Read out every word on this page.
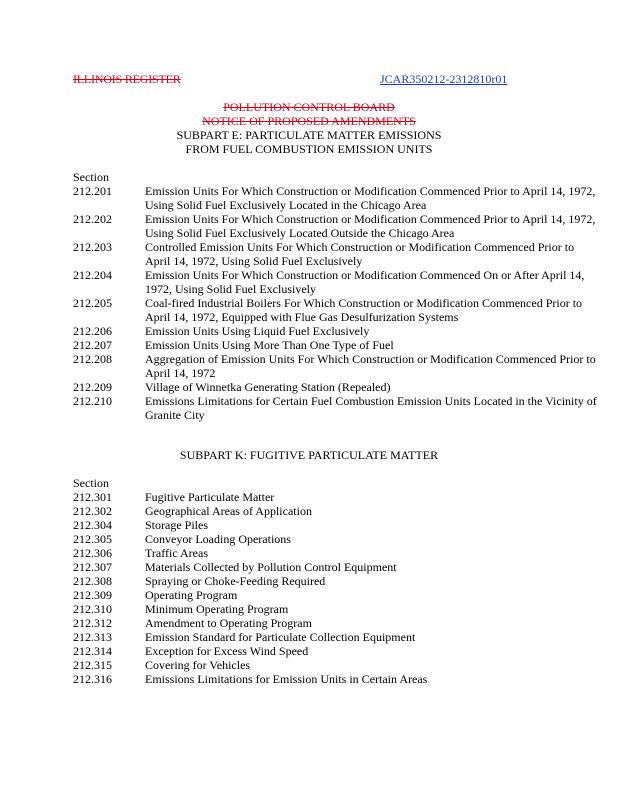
ILLINOIS REGISTER	JCAR350212-2312810r01
POLLUTION CONTROL BOARD
NOTICE OF PROPOSED AMENDMENTS
SUBPART E: PARTICULATE MATTER EMISSIONS
FROM FUEL COMBUSTION EMISSION UNITS
Section
212.201	Emission Units For Which Construction or Modification Commenced Prior to April 14, 1972, Using Solid Fuel Exclusively Located in the Chicago Area
212.202	Emission Units For Which Construction or Modification Commenced Prior to April 14, 1972, Using Solid Fuel Exclusively Located Outside the Chicago Area
212.203	Controlled Emission Units For Which Construction or Modification Commenced Prior to April 14, 1972, Using Solid Fuel Exclusively
212.204	Emission Units For Which Construction or Modification Commenced On or After April 14, 1972, Using Solid Fuel Exclusively
212.205	Coal-fired Industrial Boilers For Which Construction or Modification Commenced Prior to April 14, 1972, Equipped with Flue Gas Desulfurization Systems
212.206	Emission Units Using Liquid Fuel Exclusively
212.207	Emission Units Using More Than One Type of Fuel
212.208	Aggregation of Emission Units For Which Construction or Modification Commenced Prior to April 14, 1972
212.209	Village of Winnetka Generating Station (Repealed)
212.210	Emissions Limitations for Certain Fuel Combustion Emission Units Located in the Vicinity of Granite City
SUBPART K: FUGITIVE PARTICULATE MATTER
Section
212.301	Fugitive Particulate Matter
212.302	Geographical Areas of Application
212.304	Storage Piles
212.305	Conveyor Loading Operations
212.306	Traffic Areas
212.307	Materials Collected by Pollution Control Equipment
212.308	Spraying or Choke-Feeding Required
212.309	Operating Program
212.310	Minimum Operating Program
212.312	Amendment to Operating Program
212.313	Emission Standard for Particulate Collection Equipment
212.314	Exception for Excess Wind Speed
212.315	Covering for Vehicles
212.316	Emissions Limitations for Emission Units in Certain Areas
